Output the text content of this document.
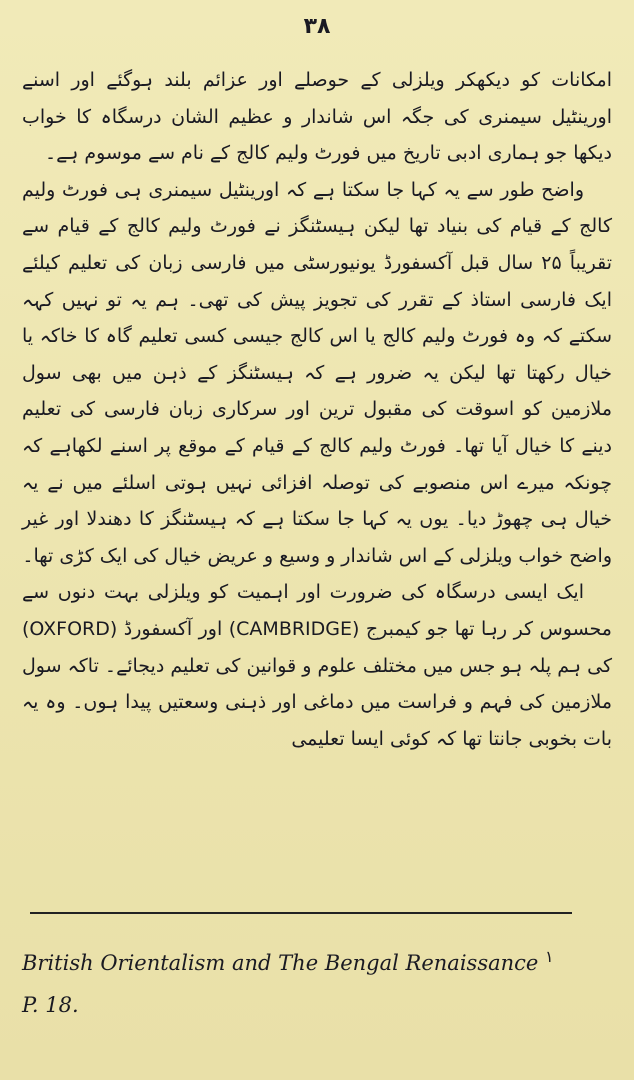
۳۸

امکانات کو دیکھکر ویلزلی کے حوصلے اور عزائم بلند ہوگئے اور اسنے اورینٹیل سیمنری کی جگہ اس شاندار و عظیم الشان درسگاہ کا خواب دیکھا جو ہماری ادبی تاریخ میں فورٹ ولیم کالج کے نام سے موسوم ہے۔

واضح طور سے یہ کہا جا سکتا ہے کہ اورینٹیل سیمنری ہی فورٹ ولیم کالج کے قیام کی بنیاد تھا لیکن ہیسٹنگز نے فورٹ ولیم کالج کے قیام سے تقریباً ۲۵ سال قبل آکسفورڈ یونیورسٹی میں فارسی زبان کی تعلیم کیلئے ایک فارسی استاذ کے تقرر کی تجویز پیش کی تھی۔ ہم یہ تو نہیں کہہ سکتے کہ وہ فورٹ ولیم کالج یا اس کالج جیسی کسی تعلیم گاہ کا خاکہ یا خیال رکھتا تھا لیکن یہ ضرور ہے کہ ہیسٹنگز کے ذہن میں بھی سول ملازمین کو اسوقت کی مقبول ترین اور سرکاری زبان فارسی کی تعلیم دینے کا خیال آیا تھا۔ فورٹ ولیم کالج کے قیام کے موقع پر اسنے لکھاہے کہ چونکہ میرے اس منصوبے کی توصلہ افزائی نہیں ہوتی اسلئے میں نے یہ خیال ہی چھوڑ دیا۔ یوں یہ کہا جا سکتا ہے کہ ہیسٹنگز کا دھندلا اور غیر واضح خواب ویلزلی کے اس شاندار و وسیع و عریض خیال کی ایک کڑی تھا۔

ایک ایسی درسگاہ کی ضرورت اور اہمیت کو ویلزلی بہت دنوں سے محسوس کر رہا تھا جو کیمبرج (CAMBRIDGE) اور آکسفورڈ (OXFORD) کی ہم پلہ ہو جس میں مختلف علوم و قوانین کی تعلیم دیجائے۔ تاکہ سول ملازمین کی فہم و فراست میں دماغی اور ذہنی وسعتیں پیدا ہوں۔ وہ یہ بات بخوبی جانتا تھا کہ کوئی ایسا تعلیمی

British Orientalism and The Bengal Renaissance $^۱$
P. 18.
